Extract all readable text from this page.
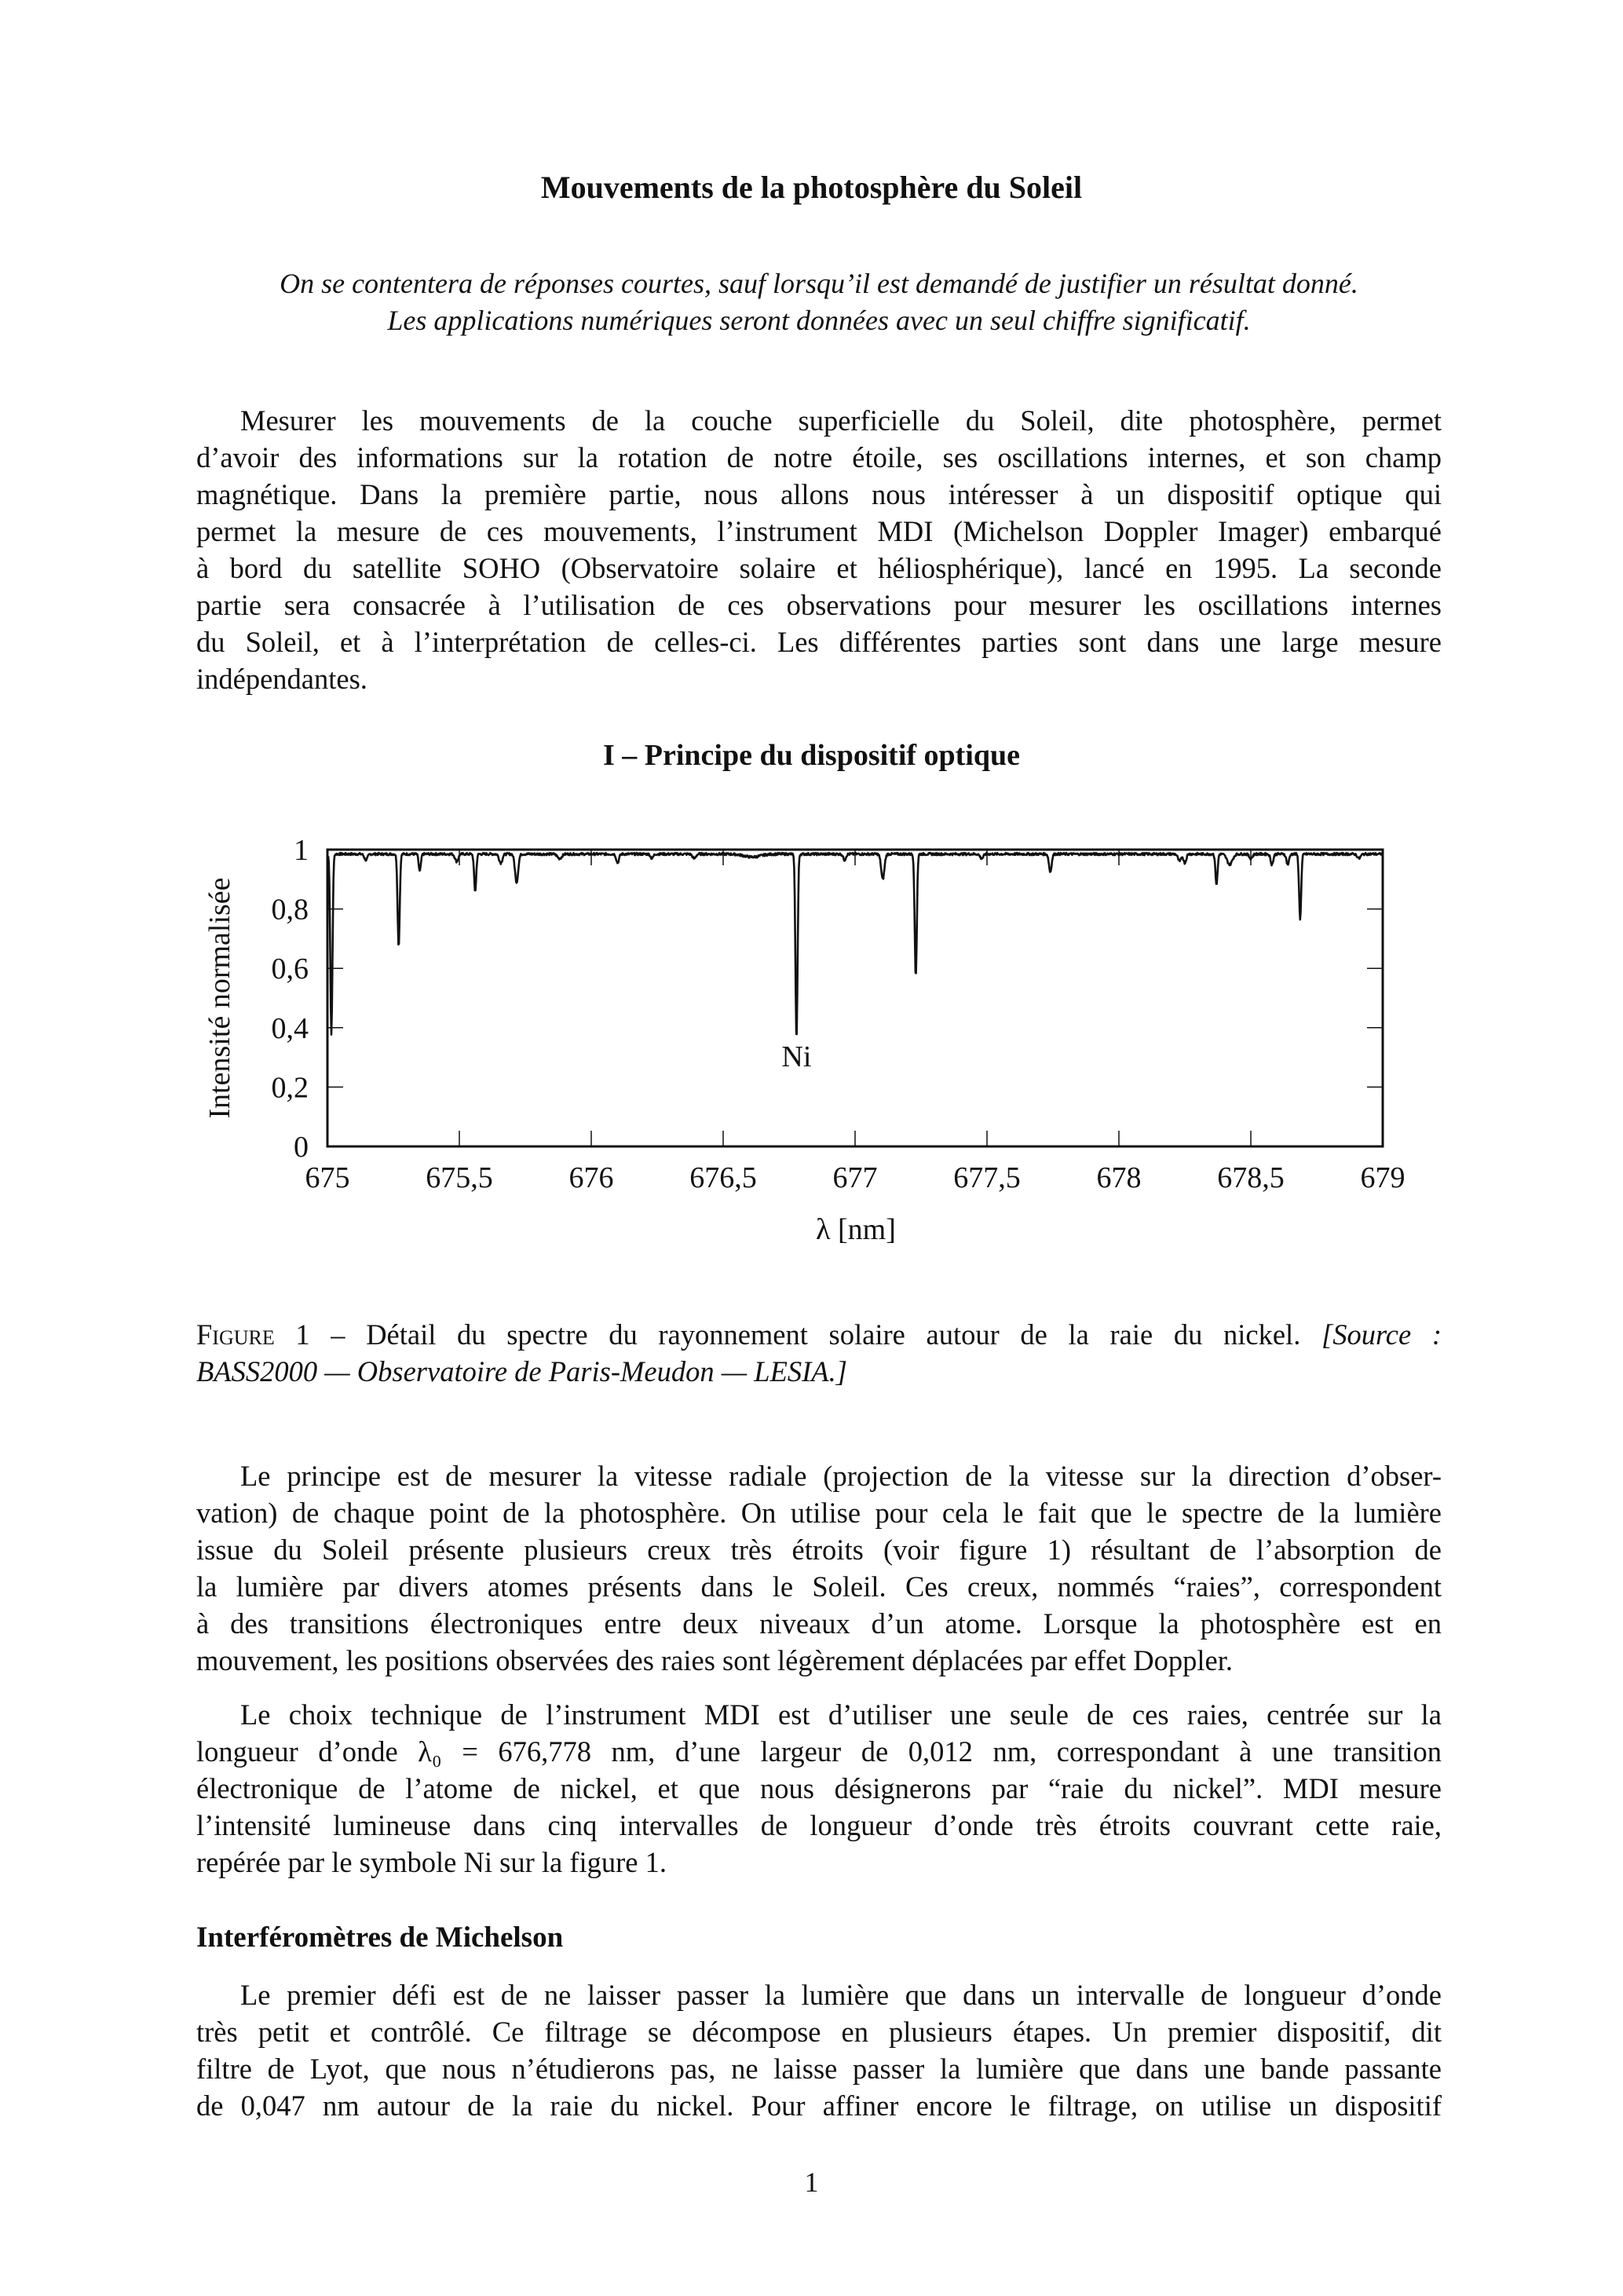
Mouvements de la photosphère du Soleil
On se contentera de réponses courtes, sauf lorsqu’il est demandé de justifier un résultat donné.
Les applications numériques seront données avec un seul chiffre significatif.
Mesurer les mouvements de la couche superficielle du Soleil, dite photosphère, permet
d’avoir des informations sur la rotation de notre étoile, ses oscillations internes, et son champ
magnétique. Dans la première partie, nous allons nous intéresser à un dispositif optique qui
permet la mesure de ces mouvements, l’instrument MDI (Michelson Doppler Imager) embarqué
à bord du satellite SOHO (Observatoire solaire et héliosphérique), lancé en 1995. La seconde
partie sera consacrée à l’utilisation de ces observations pour mesurer les oscillations internes
du Soleil, et à l’interprétation de celles-ci. Les différentes parties sont dans une large mesure
indépendantes.
I – Principe du dispositif optique
675	675,5	676	676,5	677	677,5	678	678,5	679
0
0,2
0,4
0,6
0,8
1
λ [nm]
Intensité normalisée	Ni
Figure 1 – Détail du spectre du rayonnement solaire autour de la raie du nickel. [Source :
BASS2000 — Observatoire de Paris-Meudon — LESIA.]
Le principe est de mesurer la vitesse radiale (projection de la vitesse sur la direction d’obser-
vation) de chaque point de la photosphère. On utilise pour cela le fait que le spectre de la lumière
issue du Soleil présente plusieurs creux très étroits (voir figure 1) résultant de l’absorption de
la lumière par divers atomes présents dans le Soleil. Ces creux, nommés “raies”, correspondent
à des transitions électroniques entre deux niveaux d’un atome. Lorsque la photosphère est en
mouvement, les positions observées des raies sont légèrement déplacées par effet Doppler.
Le choix technique de l’instrument MDI est d’utiliser une seule de ces raies, centrée sur la
longueur d’onde λ₀ = 676,778 nm, d’une largeur de 0,012 nm, correspondant à une transition
électronique de l’atome de nickel, et que nous désignerons par “raie du nickel”. MDI mesure
l’intensité lumineuse dans cinq intervalles de longueur d’onde très étroits couvrant cette raie,
repérée par le symbole Ni sur la figure 1.
Interféromètres de Michelson
Le premier défi est de ne laisser passer la lumière que dans un intervalle de longueur d’onde
très petit et contrôlé. Ce filtrage se décompose en plusieurs étapes. Un premier dispositif, dit
filtre de Lyot, que nous n’étudierons pas, ne laisse passer la lumière que dans une bande passante
de 0,047 nm autour de la raie du nickel. Pour affiner encore le filtrage, on utilise un dispositif
1
